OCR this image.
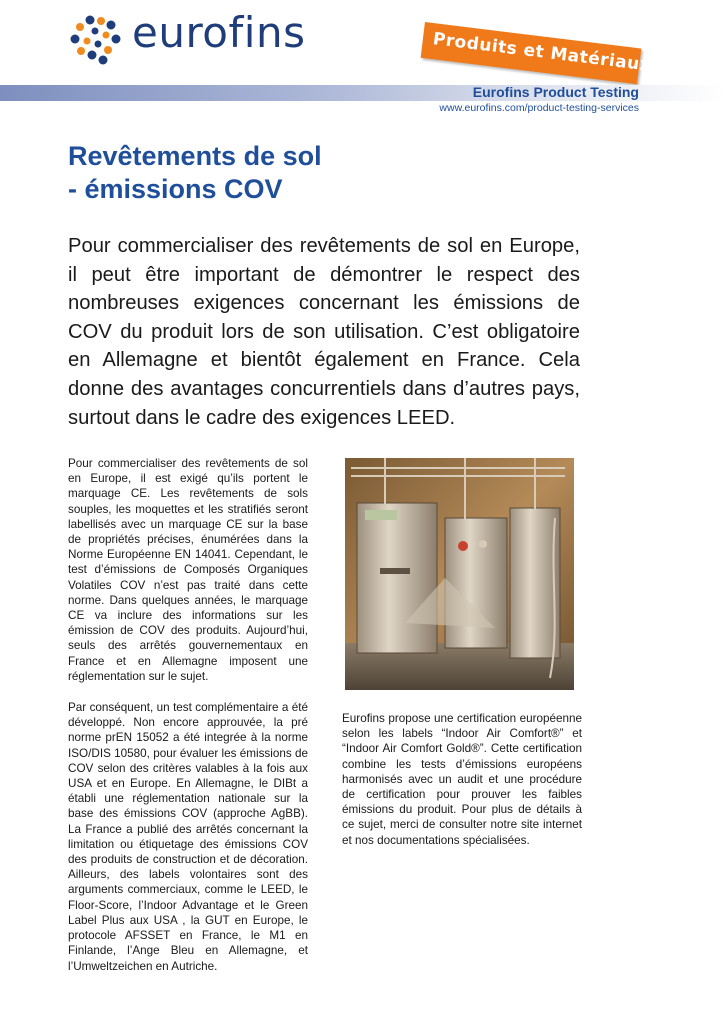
eurofins	Produits et Matériaux
Eurofins Product Testing
www.eurofins.com/product-testing-services
Revêtements de sol
- émissions COV
Pour commercialiser des revêtements de sol en Europe, il peut être important de démontrer le respect des nombreuses exigences concernant les émissions de COV du produit lors de son utilisation. C’est obligatoire en Allemagne et bientôt également en France. Cela donne des avantages concurrentiels dans d’autres pays, surtout dans le cadre des exigences LEED.

Pour commercialiser des revêtements de sol en Europe, il est exigé qu’ils portent le marquage CE. Les revêtements de sols souples, les moquettes et les stratifiés seront labellisés avec un marquage CE sur la base de propriétés précises, énumérées dans la Norme Européenne EN 14041. Cependant, le test d’émissions de Composés Organiques Volatiles COV n’est pas traité dans cette norme. Dans quelques années, le marquage CE va inclure des informations sur les émission de COV des produits. Aujourd’hui, seuls des arrêtés gouvernementaux en France et en Allemagne imposent une réglementation sur le sujet.

Par conséquent, un test complémentaire a été développé. Non encore approuvée, la pré norme prEN 15052 a été integrée à la norme ISO/DIS 10580, pour évaluer les émissions de COV selon des critères valables à la fois aux USA et en Europe. En Allemagne, le DIBt a établi une réglementation nationale sur la base des émissions COV (approche AgBB). La France a publié des arrêtés concernant la limitation ou étiquetage des émissions COV des produits de construction et de décoration. Ailleurs, des labels volontaires sont des arguments commerciaux, comme le LEED, le Floor-Score, l’Indoor Advantage et le Green Label Plus aux USA , la GUT en Europe, le protocole AFSSET en France, le M1 en Finlande, l’Ange Bleu en Allemagne, et l’Umweltzeichen en Autriche.

Eurofins propose une certification européenne selon les labels “Indoor Air Comfort®” et “Indoor Air Comfort Gold®”. Cette certification combine les tests d’émissions européens harmonisés avec un audit et une procédure de certification pour prouver les faibles émissions du produit. Pour plus de détails à ce sujet, merci de consulter notre site internet et nos documentations spécialisées.
